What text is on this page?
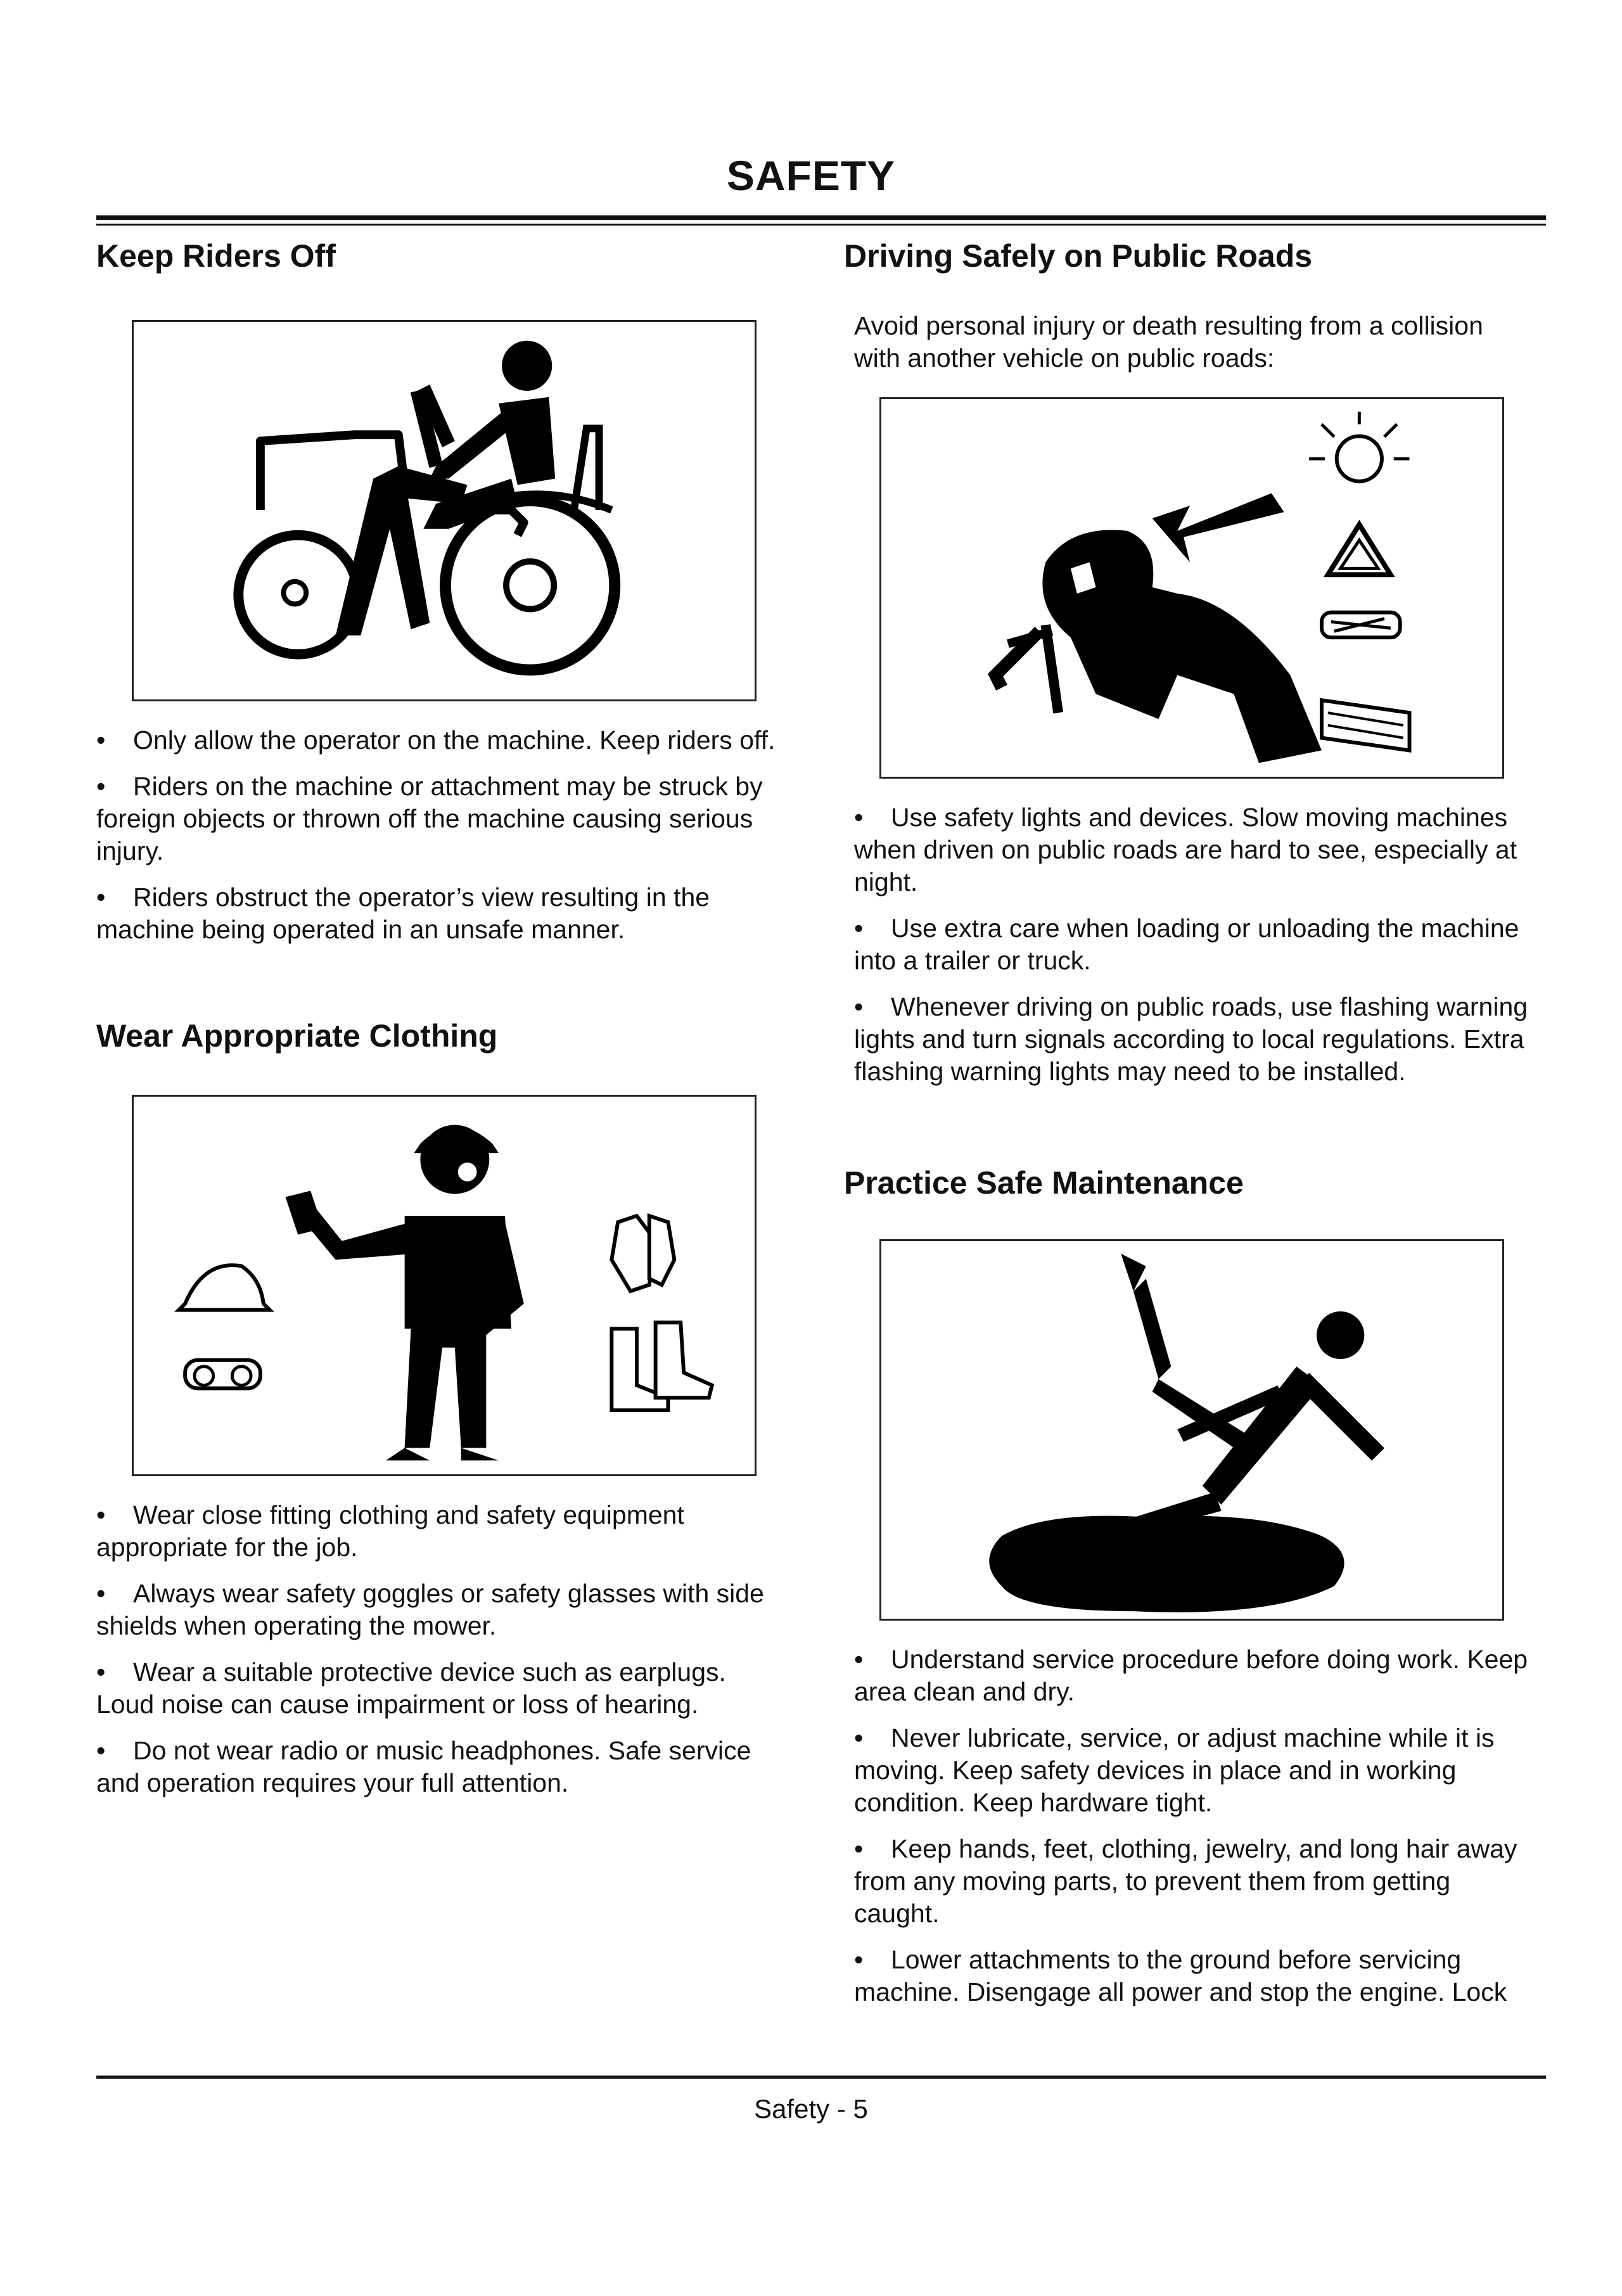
SAFETY
Keep Riders Off
• Only allow the operator on the machine. Keep riders off.
• Riders on the machine or attachment may be struck by foreign objects or thrown off the machine causing serious injury.
• Riders obstruct the operator’s view resulting in the machine being operated in an unsafe manner.
Wear Appropriate Clothing
• Wear close fitting clothing and safety equipment appropriate for the job.
• Always wear safety goggles or safety glasses with side shields when operating the mower.
• Wear a suitable protective device such as earplugs. Loud noise can cause impairment or loss of hearing.
• Do not wear radio or music headphones. Safe service and operation requires your full attention.
Driving Safely on Public Roads

Avoid personal injury or death resulting from a collision with another vehicle on public roads:

• Use safety lights and devices. Slow moving machines when driven on public roads are hard to see, especially at night.
• Use extra care when loading or unloading the machine into a trailer or truck.
• Whenever driving on public roads, use flashing warning lights and turn signals according to local regulations. Extra flashing warning lights may need to be installed.
Practice Safe Maintenance
• Understand service procedure before doing work. Keep area clean and dry.
• Never lubricate, service, or adjust machine while it is moving. Keep safety devices in place and in working condition. Keep hardware tight.
• Keep hands, feet, clothing, jewelry, and long hair away from any moving parts, to prevent them from getting caught.
• Lower attachments to the ground before servicing machine. Disengage all power and stop the engine. Lock
Safety - 5
